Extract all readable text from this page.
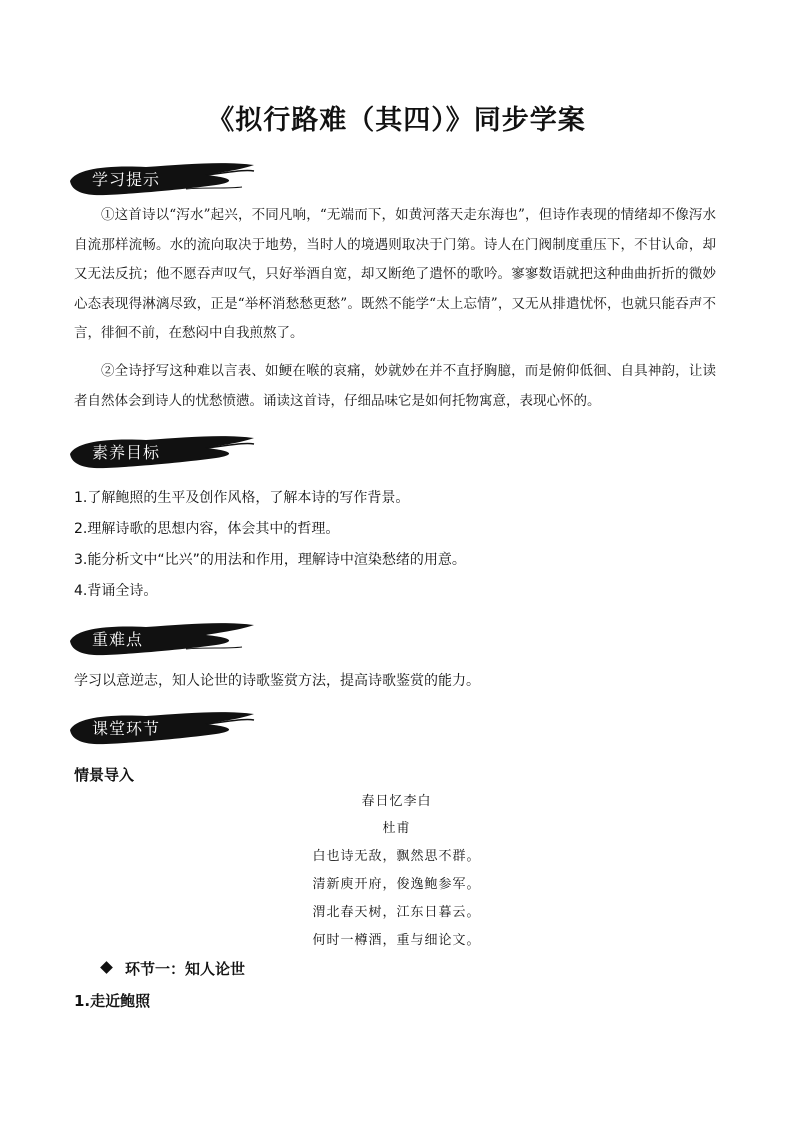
《拟行路难（其四）》同步学案
学习提示

①这首诗以“泻水”起兴，不同凡响，“无端而下，如黄河落天走东海也”，但诗作表现的情绪却不像泻水自流那样流畅。水的流向取决于地势，当时人的境遇则取决于门第。诗人在门阀制度重压下，不甘认命，却又无法反抗；他不愿吞声叹气，只好举酒自宽，却又断绝了遣怀的歌吟。寥寥数语就把这种曲曲折折的微妙心态表现得淋漓尽致，正是“举杯消愁愁更愁”。既然不能学“太上忘情”，又无从排遣忧怀，也就只能吞声不言，徘徊不前，在愁闷中自我煎熬了。

②全诗抒写这种难以言表、如鲠在喉的哀痛，妙就妙在并不直抒胸臆，而是俯仰低徊、自具神韵，让读者自然体会到诗人的忧愁愤懑。诵读这首诗，仔细品味它是如何托物寓意，表现心怀的。

素养目标

1.了解鲍照的生平及创作风格，了解本诗的写作背景。

2.理解诗歌的思想内容，体会其中的哲理。

3.能分析文中“比兴”的用法和作用，理解诗中渲染愁绪的用意。

4.背诵全诗。

重难点

学习以意逆志，知人论世的诗歌鉴赏方法，提高诗歌鉴赏的能力。

课堂环节

情景导入

春日忆李白

杜甫

白也诗无敌，飘然思不群。

清新庾开府，俊逸鲍参军。

渭北春天树，江东日暮云。

何时一樽酒，重与细论文。

环节一：知人论世

1.走近鲍照
